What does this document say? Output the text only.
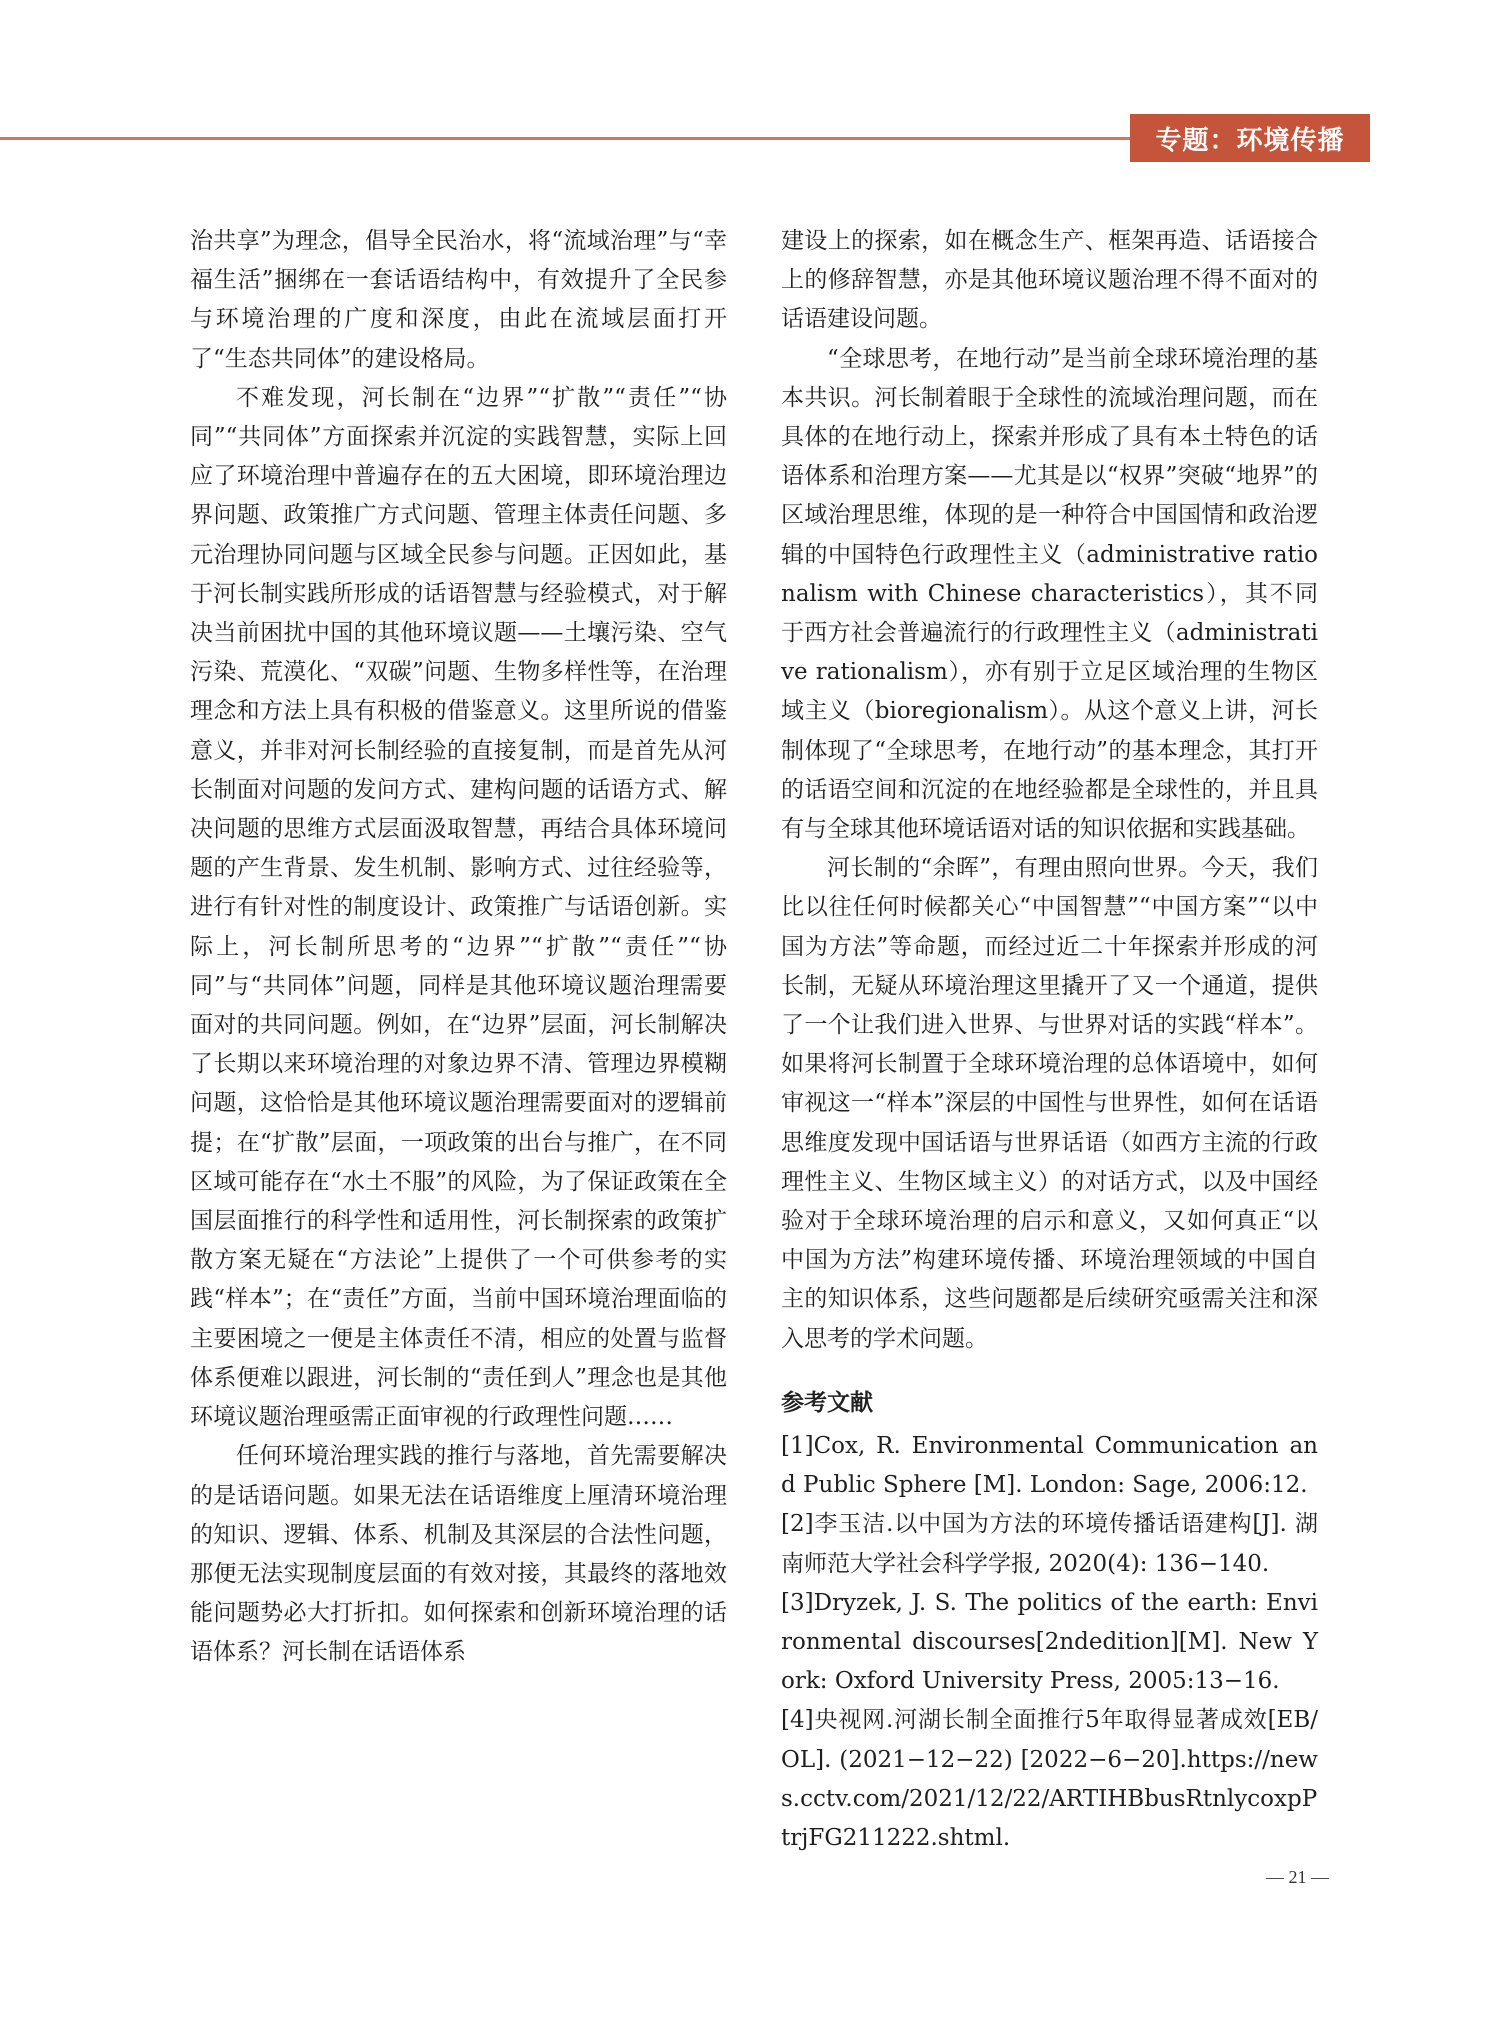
专题：环境传播

治共享”为理念，倡导全民治水，将“流域治理”与“幸福生活”捆绑在一套话语结构中，有效提升了全民参与环境治理的广度和深度，由此在流域层面打开了“生态共同体”的建设格局。

不难发现，河长制在“边界”“扩散”“责任”“协同”“共同体”方面探索并沉淀的实践智慧，实际上回应了环境治理中普遍存在的五大困境，即环境治理边界问题、政策推广方式问题、管理主体责任问题、多元治理协同问题与区域全民参与问题。正因如此，基于河长制实践所形成的话语智慧与经验模式，对于解决当前困扰中国的其他环境议题——土壤污染、空气污染、荒漠化、“双碳”问题、生物多样性等，在治理理念和方法上具有积极的借鉴意义。这里所说的借鉴意义，并非对河长制经验的直接复制，而是首先从河长制面对问题的发问方式、建构问题的话语方式、解决问题的思维方式层面汲取智慧，再结合具体环境问题的产生背景、发生机制、影响方式、过往经验等，进行有针对性的制度设计、政策推广与话语创新。实际上，河长制所思考的“边界”“扩散”“责任”“协同”与“共同体”问题，同样是其他环境议题治理需要面对的共同问题。例如，在“边界”层面，河长制解决了长期以来环境治理的对象边界不清、管理边界模糊问题，这恰恰是其他环境议题治理需要面对的逻辑前提；在“扩散”层面，一项政策的出台与推广，在不同区域可能存在“水土不服”的风险，为了保证政策在全国层面推行的科学性和适用性，河长制探索的政策扩散方案无疑在“方法论”上提供了一个可供参考的实践“样本”；在“责任”方面，当前中国环境治理面临的主要困境之一便是主体责任不清，相应的处置与监督体系便难以跟进，河长制的“责任到人”理念也是其他环境议题治理亟需正面审视的行政理性问题……

任何环境治理实践的推行与落地，首先需要解决的是话语问题。如果无法在话语维度上厘清环境治理的知识、逻辑、体系、机制及其深层的合法性问题，那便无法实现制度层面的有效对接，其最终的落地效能问题势必大打折扣。如何探索和创新环境治理的话语体系？河长制在话语体系

建设上的探索，如在概念生产、框架再造、话语接合上的修辞智慧，亦是其他环境议题治理不得不面对的话语建设问题。

“全球思考，在地行动”是当前全球环境治理的基本共识。河长制着眼于全球性的流域治理问题，而在具体的在地行动上，探索并形成了具有本土特色的话语体系和治理方案——尤其是以“权界”突破“地界”的区域治理思维，体现的是一种符合中国国情和政治逻辑的中国特色行政理性主义（administrative rationalism with Chinese characteristics），其不同于西方社会普遍流行的行政理性主义（administrative rationalism），亦有别于立足区域治理的生物区域主义（bioregionalism）。从这个意义上讲，河长制体现了“全球思考，在地行动”的基本理念，其打开的话语空间和沉淀的在地经验都是全球性的，并且具有与全球其他环境话语对话的知识依据和实践基础。

河长制的“余晖”，有理由照向世界。今天，我们比以往任何时候都关心“中国智慧”“中国方案”“以中国为方法”等命题，而经过近二十年探索并形成的河长制，无疑从环境治理这里撬开了又一个通道，提供了一个让我们进入世界、与世界对话的实践“样本”。如果将河长制置于全球环境治理的总体语境中，如何审视这一“样本”深层的中国性与世界性，如何在话语思维度发现中国话语与世界话语（如西方主流的行政理性主义、生物区域主义）的对话方式，以及中国经验对于全球环境治理的启示和意义，又如何真正“以中国为方法”构建环境传播、环境治理领域的中国自主的知识体系，这些问题都是后续研究亟需关注和深入思考的学术问题。

参考文献

[1]Cox, R. Environmental Communication and Public Sphere [M]. London: Sage, 2006:12.

[2]李玉洁.以中国为方法的环境传播话语建构[J]. 湖南师范大学社会科学学报, 2020(4): 136−140.

[3]Dryzek, J. S. The politics of the earth: Environmental discourses[2ndedition][M]. New York: Oxford University Press, 2005:13−16.

[4]央视网.河湖长制全面推行5年取得显著成效[EB/OL]. (2021−12−22) [2022−6−20].https://news.cctv.com/2021/12/22/ARTIHBbusRtnlycoxpPtrjFG211222.shtml.

— 21 —
